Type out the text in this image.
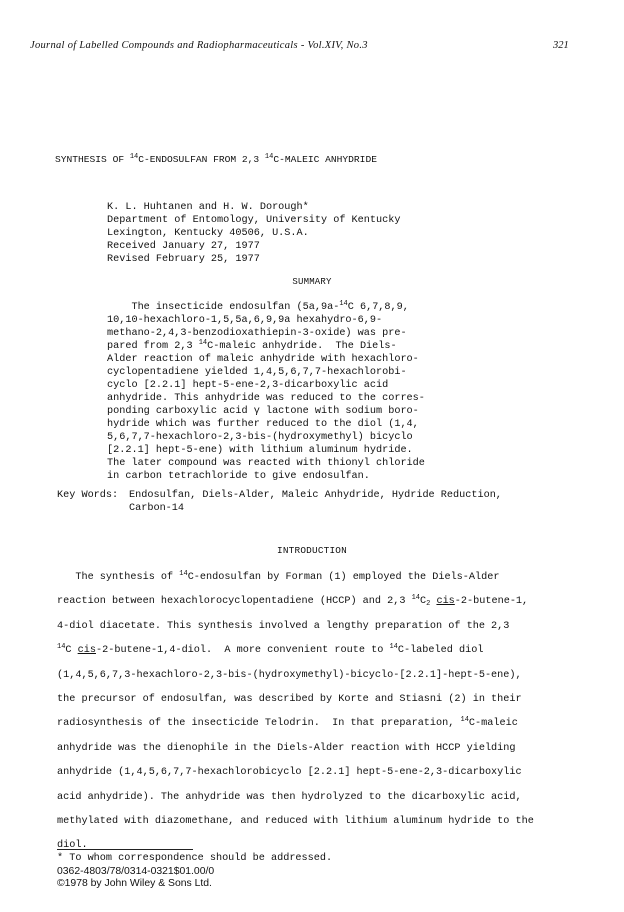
Journal of Labelled Compounds and Radiopharmaceuticals - Vol.XIV, No.3	321
SYNTHESIS OF $^{14}$C-ENDOSULFAN FROM 2,3 $^{14}$C-MALEIC ANHYDRIDE
K. L. Huhtanen and H. W. Dorough*
Department of Entomology, University of Kentucky
Lexington, Kentucky 40506, U.S.A.
Received January 27, 1977
Revised February 25, 1977
SUMMARY
The insecticide endosulfan (5a,9a-$^{14}$C 6,7,8,9,
10,10-hexachloro-1,5,5a,6,9,9a hexahydro-6,9-
methano-2,4,3-benzodioxathiepin-3-oxide) was pre-
pared from 2,3 $^{14}$C-maleic anhydride.  The Diels-
Alder reaction of maleic anhydride with hexachloro-
cyclopentadiene yielded 1,4,5,6,7,7-hexachlorobi-
cyclo [2.2.1] hept-5-ene-2,3-dicarboxylic acid
anhydride. This anhydride was reduced to the corres-
ponding carboxylic acid γ lactone with sodium boro-
hydride which was further reduced to the diol (1,4,
5,6,7,7-hexachloro-2,3-bis-(hydroxymethyl) bicyclo
[2.2.1] hept-5-ene) with lithium aluminum hydride.
The later compound was reacted with thionyl chloride
in carbon tetrachloride to give endosulfan.
Key Words: Endosulfan, Diels-Alder, Maleic Anhydride, Hydride Reduction,
Carbon-14
INTRODUCTION
The synthesis of $^{14}$C-endosulfan by Forman (1) employed the Diels-Alder
reaction between hexachlorocyclopentadiene (HCCP) and 2,3 $^{14}C_2$ cis-2-butene-1,
4-diol diacetate. This synthesis involved a lengthy preparation of the 2,3
$^{14}$C cis-2-butene-1,4-diol.  A more convenient route to $^{14}$C-labeled diol
(1,4,5,6,7,3-hexachloro-2,3-bis-(hydroxymethyl)-bicyclo-[2.2.1]-hept-5-ene),
the precursor of endosulfan, was described by Korte and Stiasni (2) in their
radiosynthesis of the insecticide Telodrin.  In that preparation, $^{14}$C-maleic
anhydride was the dienophile in the Diels-Alder reaction with HCCP yielding
anhydride (1,4,5,6,7,7-hexachlorobicyclo [2.2.1] hept-5-ene-2,3-dicarboxylic
acid anhydride). The anhydride was then hydrolyzed to the dicarboxylic acid,
methylated with diazomethane, and reduced with lithium aluminum hydride to the
diol.
* To whom correspondence should be addressed.
0362-4803/78/0314-0321$01.00/0
©1978 by John Wiley & Sons Ltd.
